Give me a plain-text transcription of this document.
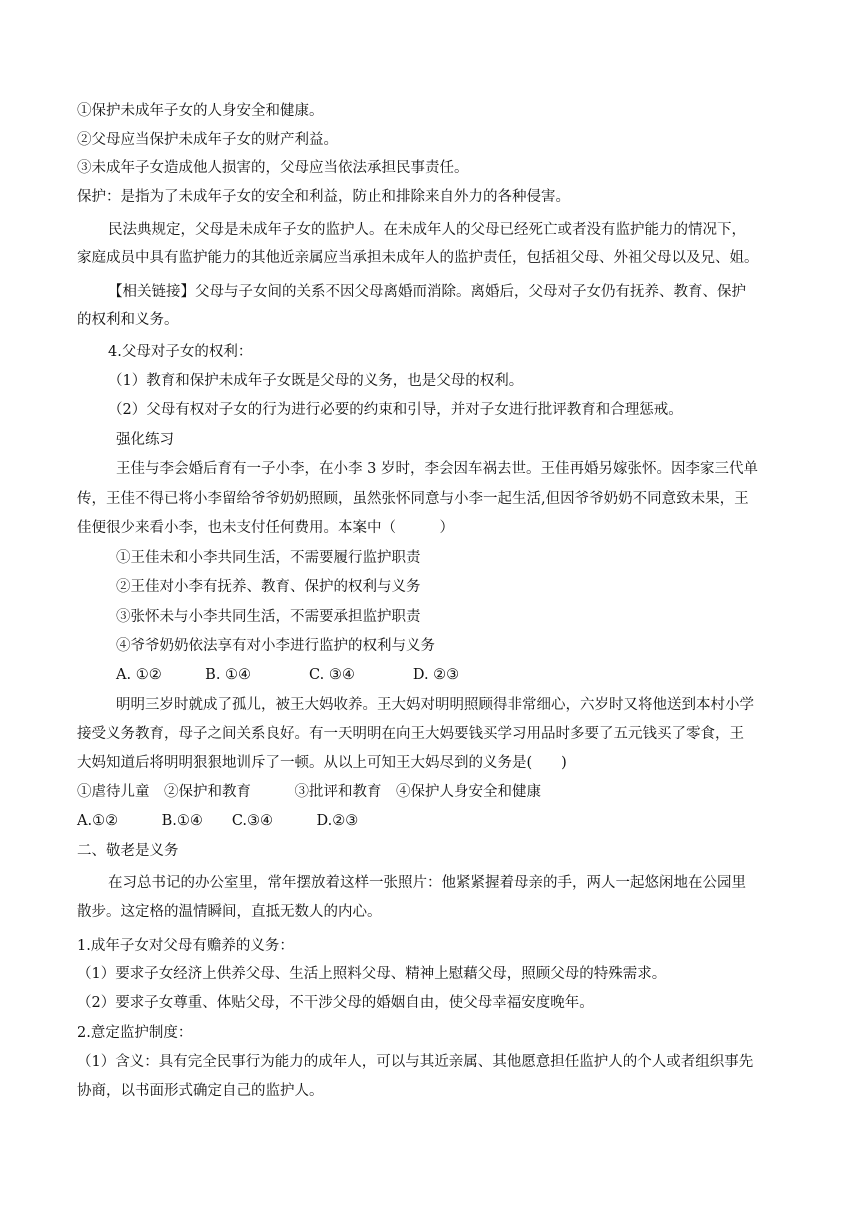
①保护未成年子女的人身安全和健康。

②父母应当保护未成年子女的财产利益。

③未成年子女造成他人损害的，父母应当依法承担民事责任。

保护：是指为了未成年子女的安全和利益，防止和排除来自外力的各种侵害。

民法典规定，父母是未成年子女的监护人。在未成年人的父母已经死亡或者没有监护能力的情况下，

家庭成员中具有监护能力的其他近亲属应当承担未成年人的监护责任，包括祖父母、外祖父母以及兄、姐。

【相关链接】父母与子女间的关系不因父母离婚而消除。离婚后，父母对子女仍有抚养、教育、保护

的权利和义务。

4.父母对子女的权利：

（1）教育和保护未成年子女既是父母的义务，也是父母的权利。

（2）父母有权对子女的行为进行必要的约束和引导，并对子女进行批评教育和合理惩戒。

强化练习

王佳与李会婚后育有一子小李，在小李 3 岁时，李会因车祸去世。王佳再婚另嫁张怀。因李家三代单

传，王佳不得已将小李留给爷爷奶奶照顾，虽然张怀同意与小李一起生活,但因爷爷奶奶不同意致未果，王

佳便很少来看小李，也未支付任何费用。本案中（　　　）

①王佳未和小李共同生活，不需要履行监护职责

②王佳对小李有抚养、教育、保护的权利与义务

③张怀未与小李共同生活，不需要承担监护职责

④爷爷奶奶依法享有对小李进行监护的权利与义务

A. ①②　　　B. ①④　　　　C. ③④　　　　D. ②③

明明三岁时就成了孤儿，被王大妈收养。王大妈对明明照顾得非常细心，六岁时又将他送到本村小学

接受义务教育，母子之间关系良好。有一天明明在向王大妈要钱买学习用品时多要了五元钱买了零食，王

大妈知道后将明明狠狠地训斥了一顿。从以上可知王大妈尽到的义务是(　　)

①虐待儿童　②保护和教育　　　③批评和教育　④保护人身安全和健康

A.①②　　　B.①④　　C.③④　　　D.②③

二、敬老是义务

在习总书记的办公室里，常年摆放着这样一张照片：他紧紧握着母亲的手，两人一起悠闲地在公园里

散步。这定格的温情瞬间，直抵无数人的内心。

1.成年子女对父母有赡养的义务：

（1）要求子女经济上供养父母、生活上照料父母、精神上慰藉父母，照顾父母的特殊需求。

（2）要求子女尊重、体贴父母，不干涉父母的婚姻自由，使父母幸福安度晚年。

2.意定监护制度：

（1）含义：具有完全民事行为能力的成年人，可以与其近亲属、其他愿意担任监护人的个人或者组织事先

协商，以书面形式确定自己的监护人。
